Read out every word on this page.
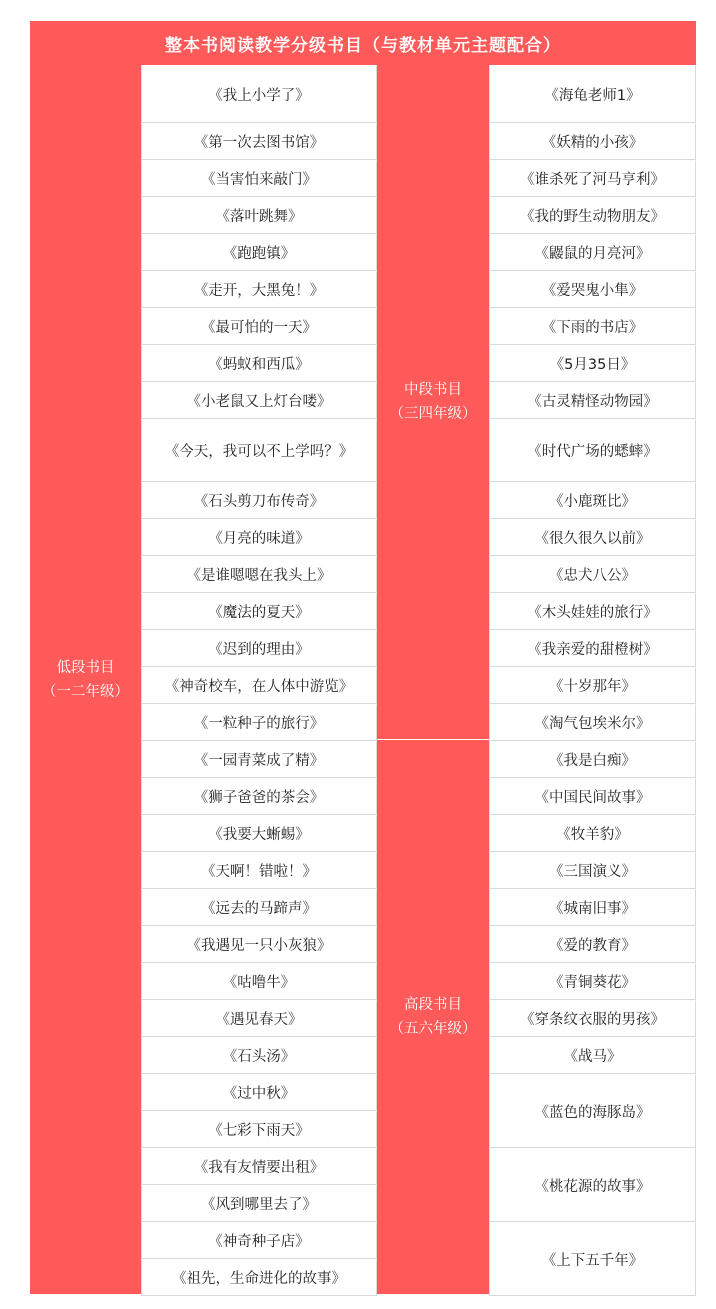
整本书阅读教学分级书目（与教材单元主题配合）
低段书目
（一二年级）
《我上小学了》
《第一次去图书馆》
《当害怕来敲门》
《落叶跳舞》
《跑跑镇》
《走开，大黑兔！》
《最可怕的一天》
《蚂蚁和西瓜》
《小老鼠又上灯台喽》
《今天，我可以不上学吗？》
《石头剪刀布传奇》
《月亮的味道》
《是谁嗯嗯在我头上》
《魔法的夏天》
《迟到的理由》
《神奇校车，在人体中游览》
《一粒种子的旅行》
《一园青菜成了精》
《狮子爸爸的茶会》
《我要大蜥蜴》
《天啊！错啦！》
《远去的马蹄声》
《我遇见一只小灰狼》
《咕噜牛》
《遇见春天》
《石头汤》
《过中秋》
《七彩下雨天》
《我有友情要出租》
《风到哪里去了》
《神奇种子店》
《祖先，生命进化的故事》
中段书目
（三四年级）
高段书目
（五六年级）
《海龟老师1》
《妖精的小孩》
《谁杀死了河马亨利》
《我的野生动物朋友》
《鼹鼠的月亮河》
《爱哭鬼小隼》
《下雨的书店》
《5月35日》
《古灵精怪动物园》
《时代广场的蟋蟀》
《小鹿斑比》
《很久很久以前》
《忠犬八公》
《木头娃娃的旅行》
《我亲爱的甜橙树》
《十岁那年》
《淘气包埃米尔》
《我是白痴》
《中国民间故事》
《牧羊豹》
《三国演义》
《城南旧事》
《爱的教育》
《青铜葵花》
《穿条纹衣服的男孩》
《战马》
《蓝色的海豚岛》
《桃花源的故事》
《上下五千年》
